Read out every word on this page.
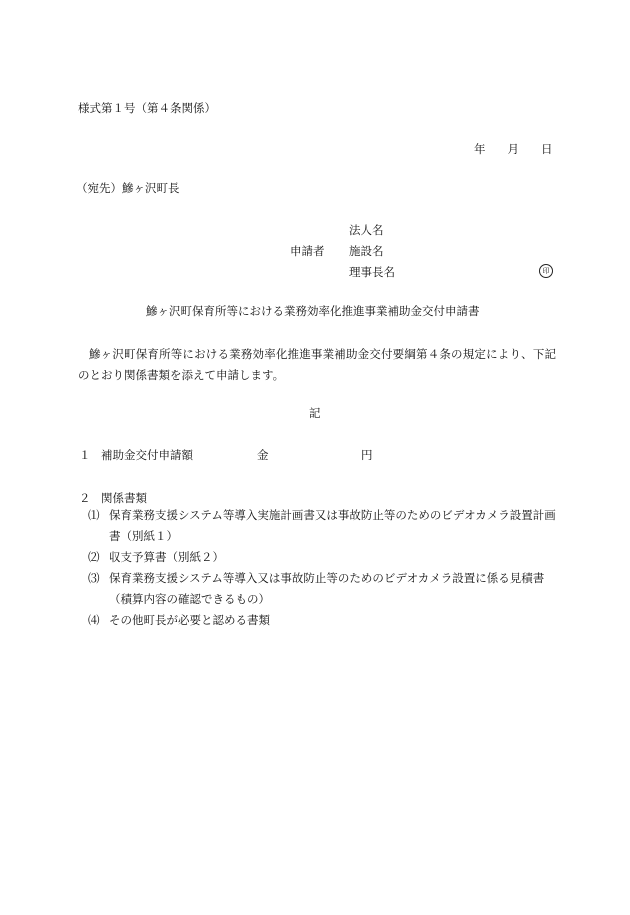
様式第１号（第４条関係）
年 月 日
（宛先）鰺ヶ沢町長
申請者
法人名
施設名
理事長名	印
鰺ヶ沢町保育所等における業務効率化推進事業補助金交付申請書
鰺ヶ沢町保育所等における業務効率化推進事業補助金交付要綱第４条の規定により、下記のとおり関係書類を添えて申請します。
記
１ 補助金交付申請額	金	円
２ 関係書類
⑴ 保育業務支援システム等導入実施計画書又は事故防止等のためのビデオカメラ設置計画書（別紙１）
⑵ 収支予算書（別紙２）
⑶ 保育業務支援システム等導入又は事故防止等のためのビデオカメラ設置に係る見積書（積算内容の確認できるもの）
⑷ その他町長が必要と認める書類
